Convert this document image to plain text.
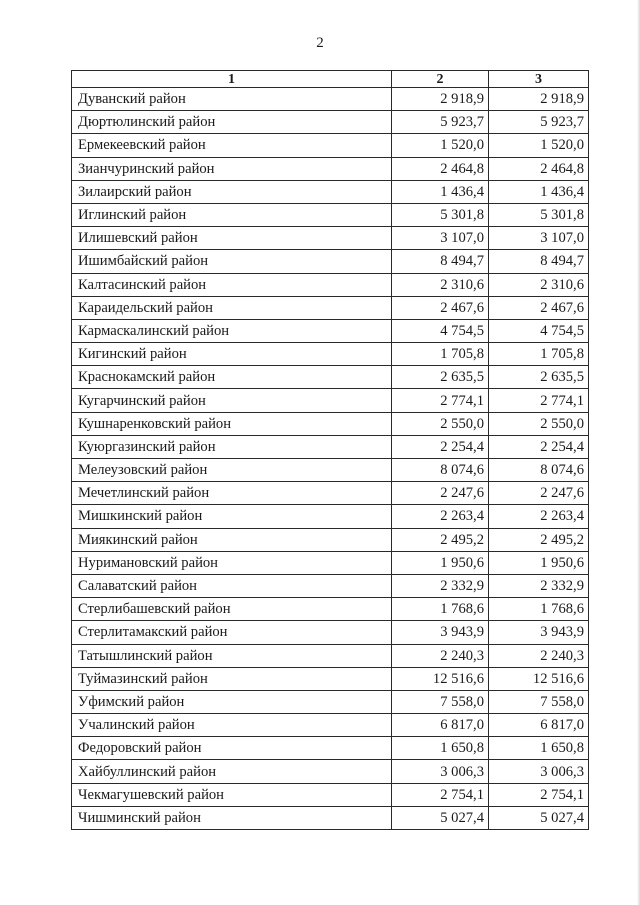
2
1	2	3
Дуванский район	2 918,9	2 918,9
Дюртюлинский район	5 923,7	5 923,7
Ермекеевский район	1 520,0	1 520,0
Зианчуринский район	2 464,8	2 464,8
Зилаирский район	1 436,4	1 436,4
Иглинский район	5 301,8	5 301,8
Илишевский район	3 107,0	3 107,0
Ишимбайский район	8 494,7	8 494,7
Калтасинский район	2 310,6	2 310,6
Караидельский район	2 467,6	2 467,6
Кармаскалинский район	4 754,5	4 754,5
Кигинский район	1 705,8	1 705,8
Краснокамский район	2 635,5	2 635,5
Кугарчинский район	2 774,1	2 774,1
Кушнаренковский район	2 550,0	2 550,0
Куюргазинский район	2 254,4	2 254,4
Мелеузовский район	8 074,6	8 074,6
Мечетлинский район	2 247,6	2 247,6
Мишкинский район	2 263,4	2 263,4
Миякинский район	2 495,2	2 495,2
Нуримановский район	1 950,6	1 950,6
Салаватский район	2 332,9	2 332,9
Стерлибашевский район	1 768,6	1 768,6
Стерлитамакский район	3 943,9	3 943,9
Татышлинский район	2 240,3	2 240,3
Туймазинский район	12 516,6	12 516,6
Уфимский район	7 558,0	7 558,0
Учалинский район	6 817,0	6 817,0
Федоровский район	1 650,8	1 650,8
Хайбуллинский район	3 006,3	3 006,3
Чекмагушевский район	2 754,1	2 754,1
Чишминский район	5 027,4	5 027,4
